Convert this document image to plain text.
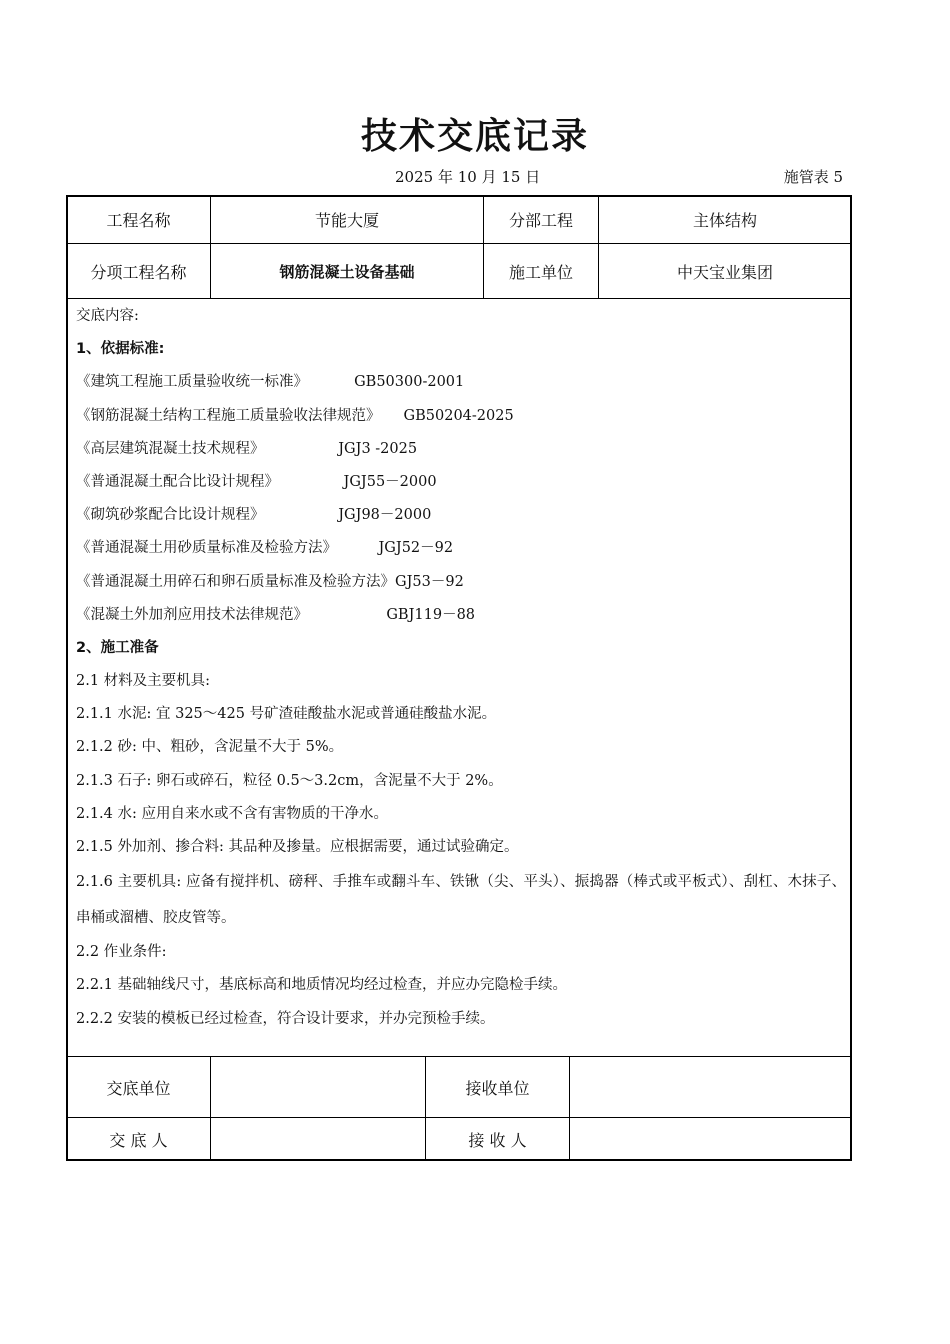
技术交底记录
2025 年 10 月 15 日	施管表 5
工程名称	节能大厦	分部工程	主体结构
分项工程名称	钢筋混凝土设备基础	施工单位	中天宝业集团
交底内容:
1、依据标准:
《建筑工程施工质量验收统一标准》          GB50300-2001
《钢筋混凝土结构工程施工质量验收法律规范》     GB50204-2025
《高层建筑混凝土技术规程》                JGJ3 -2025
《普通混凝土配合比设计规程》              JGJ55－2000
《砌筑砂浆配合比设计规程》                JGJ98－2000
《普通混凝土用砂质量标准及检验方法》         JGJ52－92
《普通混凝土用碎石和卵石质量标准及检验方法》GJ53－92
《混凝土外加剂应用技术法律规范》                 GBJ119－88
2、施工准备
2.1 材料及主要机具:
2.1.1 水泥: 宜 325～425 号矿渣硅酸盐水泥或普通硅酸盐水泥。
2.1.2 砂: 中、粗砂，含泥量不大于 5%。
2.1.3 石子: 卵石或碎石，粒径 0.5～3.2cm，含泥量不大于 2%。
2.1.4 水: 应用自来水或不含有害物质的干净水。
2.1.5 外加剂、掺合料: 其品种及掺量。应根据需要，通过试验确定。
2.1.6 主要机具: 应备有搅拌机、磅秤、手推车或翻斗车、铁锹（尖、平头）、振捣器（棒式或平板式）、刮杠、木抹子、串桶或溜槽、胶皮管等。
2.2 作业条件:
2.2.1 基础轴线尺寸，基底标高和地质情况均经过检查，并应办完隐检手续。
2.2.2 安装的模板已经过检查，符合设计要求，并办完预检手续。
交底单位	接收单位
交 底 人	接 收 人
